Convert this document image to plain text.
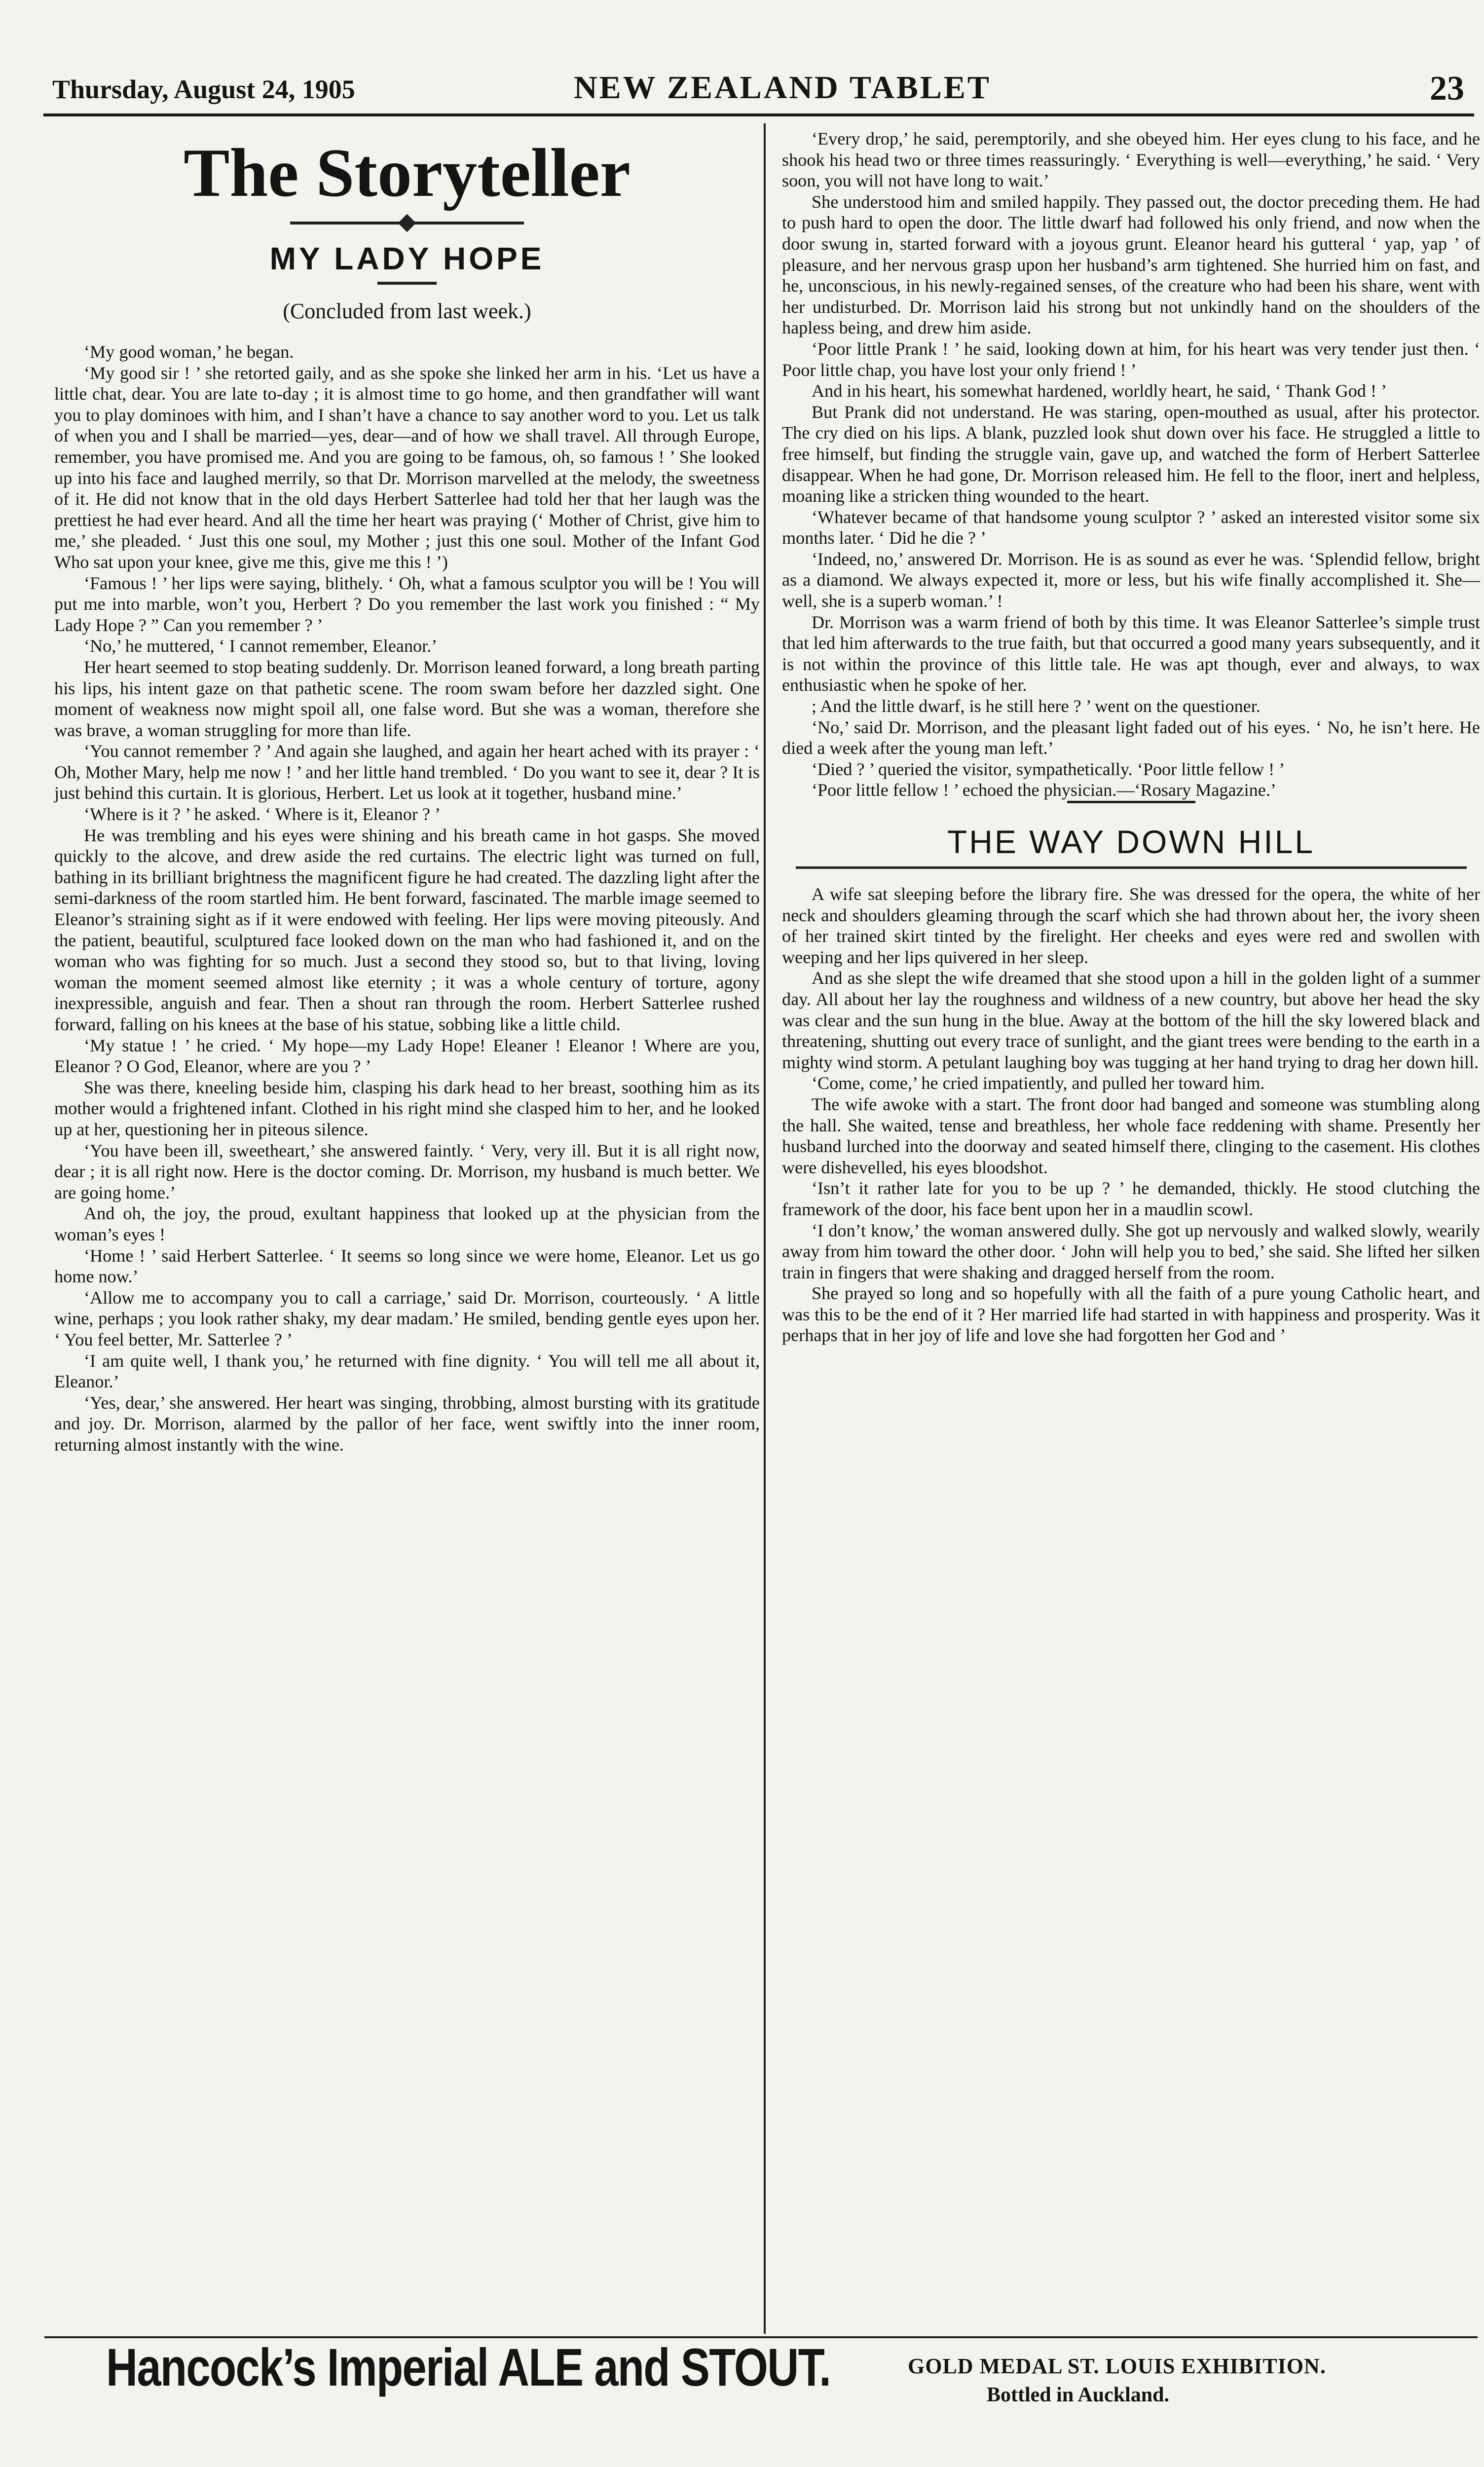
Thursday, August 24, 1905	NEW ZEALAND TABLET	23
The Storyteller
MY LADY HOPE
(Concluded from last week.)

‘My good woman,’ he began.

‘My good sir ! ’ she retorted gaily, and as she spoke she linked her arm in his. ‘Let us have a little chat, dear. You are late to-day ; it is almost time to go home, and then grandfather will want you to play dominoes with him, and I shan’t have a chance to say another word to you. Let us talk of when you and I shall be married—yes, dear—and of how we shall travel. All through Europe, remember, you have promised me. And you are going to be famous, oh, so famous ! ’ She looked up into his face and laughed merrily, so that Dr. Morrison marvelled at the melody, the sweetness of it. He did not know that in the old days Herbert Satterlee had told her that her laugh was the prettiest he had ever heard. And all the time her heart was praying (‘ Mother of Christ, give him to me,’ she pleaded. ‘ Just this one soul, my Mother ; just this one soul. Mother of the Infant God Who sat upon your knee, give me this, give me this ! ’)

‘Famous ! ’ her lips were saying, blithely. ‘ Oh, what a famous sculptor you will be ! You will put me into marble, won’t you, Herbert ? Do you remember the last work you finished : “ My Lady Hope ? ” Can you remember ? ’

‘No,’ he muttered, ‘ I cannot remember, Eleanor.’

Her heart seemed to stop beating suddenly. Dr. Morrison leaned forward, a long breath parting his lips, his intent gaze on that pathetic scene. The room swam before her dazzled sight. One moment of weakness now might spoil all, one false word. But she was a woman, therefore she was brave, a woman struggling for more than life.

‘You cannot remember ? ’ And again she laughed, and again her heart ached with its prayer : ‘ Oh, Mother Mary, help me now ! ’ and her little hand trembled. ‘ Do you want to see it, dear ? It is just behind this curtain. It is glorious, Herbert. Let us look at it together, husband mine.’

‘Where is it ? ’ he asked. ‘ Where is it, Eleanor ? ’

He was trembling and his eyes were shining and his breath came in hot gasps. She moved quickly to the alcove, and drew aside the red curtains. The electric light was turned on full, bathing in its brilliant brightness the magnificent figure he had created. The dazzling light after the semi-darkness of the room startled him. He bent forward, fascinated. The marble image seemed to Eleanor’s straining sight as if it were endowed with feeling. Her lips were moving piteously. And the patient, beautiful, sculptured face looked down on the man who had fashioned it, and on the woman who was fighting for so much. Just a second they stood so, but to that living, loving woman the moment seemed almost like eternity ; it was a whole century of torture, agony inexpressible, anguish and fear. Then a shout ran through the room. Herbert Satterlee rushed forward, falling on his knees at the base of his statue, sobbing like a little child.

‘My statue ! ’ he cried. ‘ My hope—my Lady Hope! Eleaner ! Eleanor ! Where are you, Eleanor ? O God, Eleanor, where are you ? ’

She was there, kneeling beside him, clasping his dark head to her breast, soothing him as its mother would a frightened infant. Clothed in his right mind she clasped him to her, and he looked up at her, questioning her in piteous silence.

‘You have been ill, sweetheart,’ she answered faintly. ‘ Very, very ill. But it is all right now, dear ; it is all right now. Here is the doctor coming. Dr. Morrison, my husband is much better. We are going home.’

And oh, the joy, the proud, exultant happiness that looked up at the physician from the woman’s eyes !

‘Home ! ’ said Herbert Satterlee. ‘ It seems so long since we were home, Eleanor. Let us go home now.’

‘Allow me to accompany you to call a carriage,’ said Dr. Morrison, courteously. ‘ A little wine, perhaps ; you look rather shaky, my dear madam.’ He smiled, bending gentle eyes upon her. ‘ You feel better, Mr. Satterlee ? ’

‘I am quite well, I thank you,’ he returned with fine dignity. ‘ You will tell me all about it, Eleanor.’

‘Yes, dear,’ she answered. Her heart was singing, throbbing, almost bursting with its gratitude and joy. Dr. Morrison, alarmed by the pallor of her face, went swiftly into the inner room, returning almost instantly with the wine.

‘Every drop,’ he said, peremptorily, and she obeyed him. Her eyes clung to his face, and he shook his head two or three times reassuringly. ‘ Everything is well—everything,’ he said. ‘ Very soon, you will not have long to wait.’

She understood him and smiled happily. They passed out, the doctor preceding them. He had to push hard to open the door. The little dwarf had followed his only friend, and now when the door swung in, started forward with a joyous grunt. Eleanor heard his gutteral ‘ yap, yap ’ of pleasure, and her nervous grasp upon her husband’s arm tightened. She hurried him on fast, and he, unconscious, in his newly-regained senses, of the creature who had been his share, went with her undisturbed. Dr. Morrison laid his strong but not unkindly hand on the shoulders of the hapless being, and drew him aside.

‘Poor little Prank ! ’ he said, looking down at him, for his heart was very tender just then. ‘ Poor little chap, you have lost your only friend ! ’

And in his heart, his somewhat hardened, worldly heart, he said, ‘ Thank God ! ’

But Prank did not understand. He was staring, open-mouthed as usual, after his protector. The cry died on his lips. A blank, puzzled look shut down over his face. He struggled a little to free himself, but finding the struggle vain, gave up, and watched the form of Herbert Satterlee disappear. When he had gone, Dr. Morrison released him. He fell to the floor, inert and helpless, moaning like a stricken thing wounded to the heart.

‘Whatever became of that handsome young sculptor ? ’ asked an interested visitor some six months later. ‘ Did he die ? ’

‘Indeed, no,’ answered Dr. Morrison. He is as sound as ever he was. ‘Splendid fellow, bright as a diamond. We always expected it, more or less, but his wife finally accomplished it. She—well, she is a superb woman.’ !

Dr. Morrison was a warm friend of both by this time. It was Eleanor Satterlee’s simple trust that led him afterwards to the true faith, but that occurred a good many years subsequently, and it is not within the province of this little tale. He was apt though, ever and always, to wax enthusiastic when he spoke of her.

; And the little dwarf, is he still here ? ’ went on the questioner.

‘No,’ said Dr. Morrison, and the pleasant light faded out of his eyes. ‘ No, he isn’t here. He died a week after the young man left.’

‘Died ? ’ queried the visitor, sympathetically. ‘Poor little fellow ! ’

‘Poor little fellow ! ’ echoed the physician.—‘Rosary Magazine.’

THE WAY DOWN HILL

A wife sat sleeping before the library fire. She was dressed for the opera, the white of her neck and shoulders gleaming through the scarf which she had thrown about her, the ivory sheen of her trained skirt tinted by the firelight. Her cheeks and eyes were red and swollen with weeping and her lips quivered in her sleep.

And as she slept the wife dreamed that she stood upon a hill in the golden light of a summer day. All about her lay the roughness and wildness of a new country, but above her head the sky was clear and the sun hung in the blue. Away at the bottom of the hill the sky lowered black and threatening, shutting out every trace of sunlight, and the giant trees were bending to the earth in a mighty wind storm. A petulant laughing boy was tugging at her hand trying to drag her down hill.

‘Come, come,’ he cried impatiently, and pulled her toward him.

The wife awoke with a start. The front door had banged and someone was stumbling along the hall. She waited, tense and breathless, her whole face reddening with shame. Presently her husband lurched into the doorway and seated himself there, clinging to the casement. His clothes were dishevelled, his eyes bloodshot.

‘Isn’t it rather late for you to be up ? ’ he demanded, thickly. He stood clutching the framework of the door, his face bent upon her in a maudlin scowl.

‘I don’t know,’ the woman answered dully. She got up nervously and walked slowly, wearily away from him toward the other door. ‘ John will help you to bed,’ she said. She lifted her silken train in fingers that were shaking and dragged herself from the room.

She prayed so long and so hopefully with all the faith of a pure young Catholic heart, and was this to be the end of it ? Her married life had started in with happiness and prosperity. Was it perhaps that in her joy of life and love she had forgotten her God and ’

Hancock’s Imperial ALE and STOUT.	GOLD MEDAL ST. LOUIS EXHIBITION.
Bottled in Auckland.
